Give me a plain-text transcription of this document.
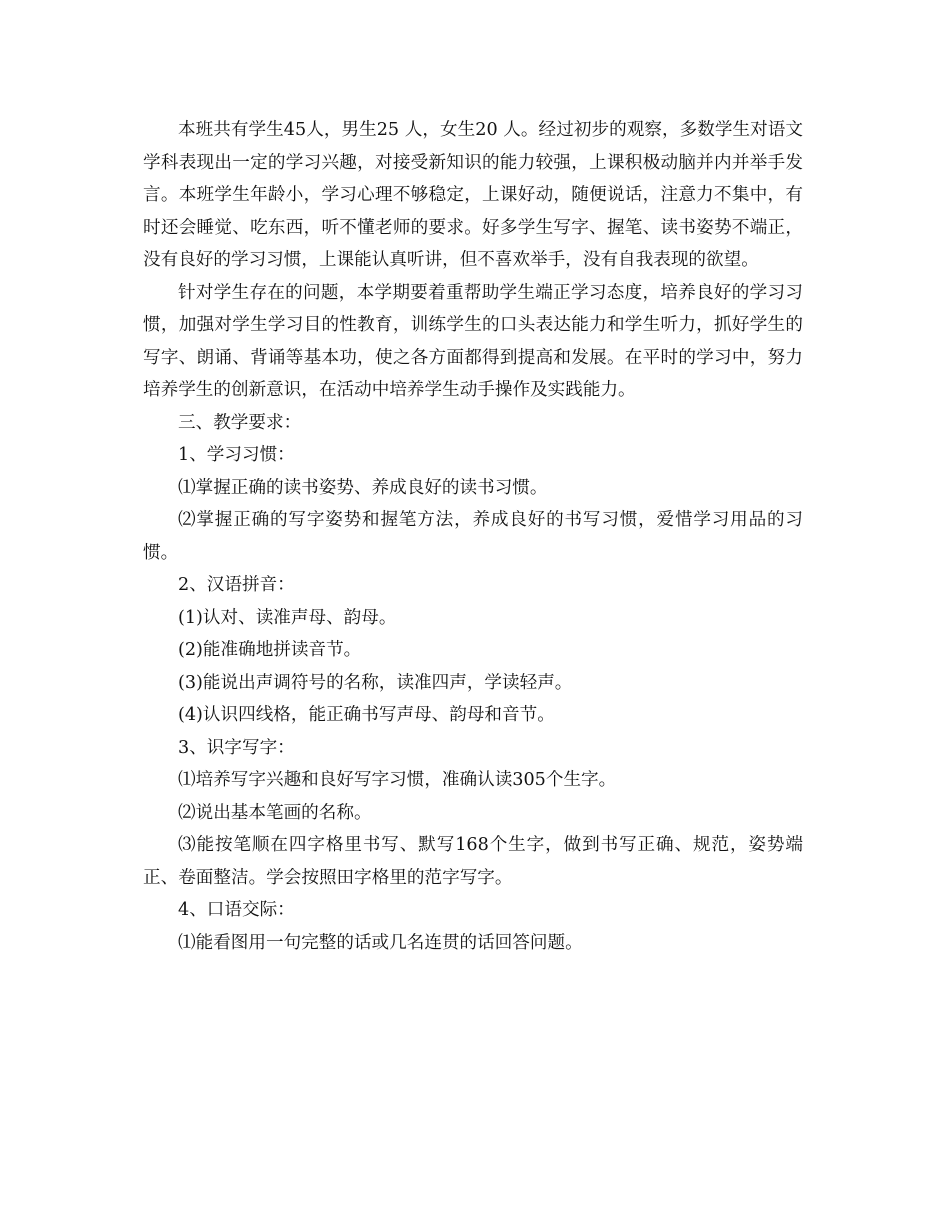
本班共有学生45人，男生25 人，女生20 人。经过初步的观察，多数学生对语文学科表现出一定的学习兴趣，对接受新知识的能力较强，上课积极动脑并内并举手发言。本班学生年龄小，学习心理不够稳定，上课好动，随便说话，注意力不集中，有时还会睡觉、吃东西，听不懂老师的要求。好多学生写字、握笔、读书姿势不端正，没有良好的学习习惯，上课能认真听讲，但不喜欢举手，没有自我表现的欲望。

针对学生存在的问题，本学期要着重帮助学生端正学习态度，培养良好的学习习惯，加强对学生学习目的性教育，训练学生的口头表达能力和学生听力，抓好学生的写字、朗诵、背诵等基本功，使之各方面都得到提高和发展。在平时的学习中，努力培养学生的创新意识，在活动中培养学生动手操作及实践能力。

三、教学要求：

1、学习习惯：

⑴掌握正确的读书姿势、养成良好的读书习惯。

⑵掌握正确的写字姿势和握笔方法，养成良好的书写习惯，爱惜学习用品的习惯。

2、汉语拼音：

(1)认对、读准声母、韵母。

(2)能准确地拼读音节。

(3)能说出声调符号的名称，读准四声，学读轻声。

(4)认识四线格，能正确书写声母、韵母和音节。

3、识字写字：

⑴培养写字兴趣和良好写字习惯，准确认读305个生字。

⑵说出基本笔画的名称。

⑶能按笔顺在四字格里书写、默写168个生字，做到书写正确、规范，姿势端正、卷面整洁。学会按照田字格里的范字写字。

4、口语交际：

⑴能看图用一句完整的话或几名连贯的话回答问题。
